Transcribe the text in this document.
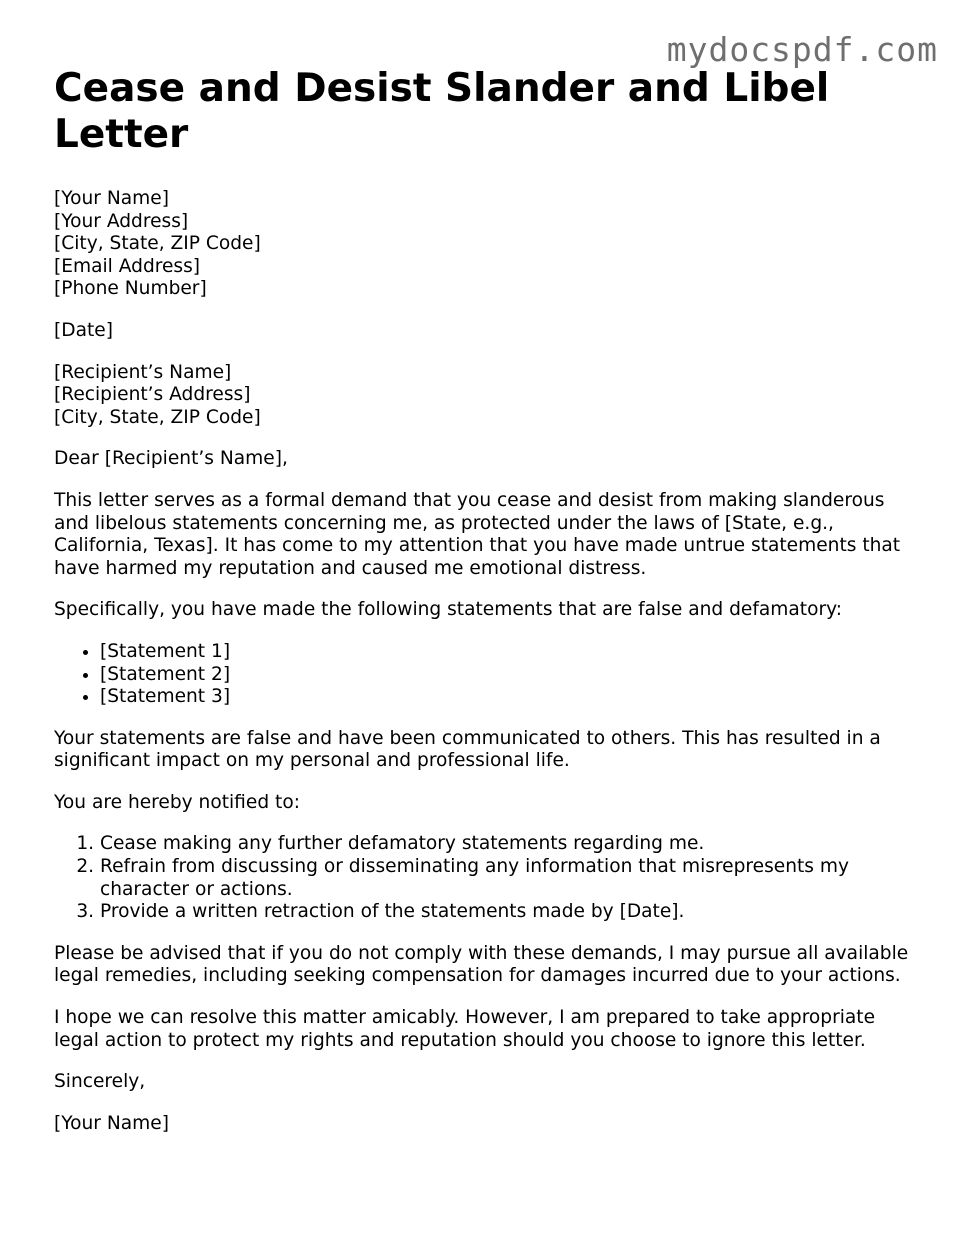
mydocspdf.com
Cease and Desist Slander and Libel Letter
[Your Name]
[Your Address]
[City, State, ZIP Code]
[Email Address]
[Phone Number]
[Date]
[Recipient’s Name]
[Recipient’s Address]
[City, State, ZIP Code]

Dear [Recipient’s Name],

This letter serves as a formal demand that you cease and desist from making slanderous and libelous statements concerning me, as protected under the laws of [State, e.g., California, Texas]. It has come to my attention that you have made untrue statements that have harmed my reputation and caused me emotional distress.

Specifically, you have made the following statements that are false and defamatory:

• [Statement 1]
• [Statement 2]
• [Statement 3]

Your statements are false and have been communicated to others. This has resulted in a significant impact on my personal and professional life.

You are hereby notified to:

1. Cease making any further defamatory statements regarding me.
2. Refrain from discussing or disseminating any information that misrepresents my character or actions.
3. Provide a written retraction of the statements made by [Date].

Please be advised that if you do not comply with these demands, I may pursue all available legal remedies, including seeking compensation for damages incurred due to your actions.

I hope we can resolve this matter amicably. However, I am prepared to take appropriate legal action to protect my rights and reputation should you choose to ignore this letter.

Sincerely,

[Your Name]
